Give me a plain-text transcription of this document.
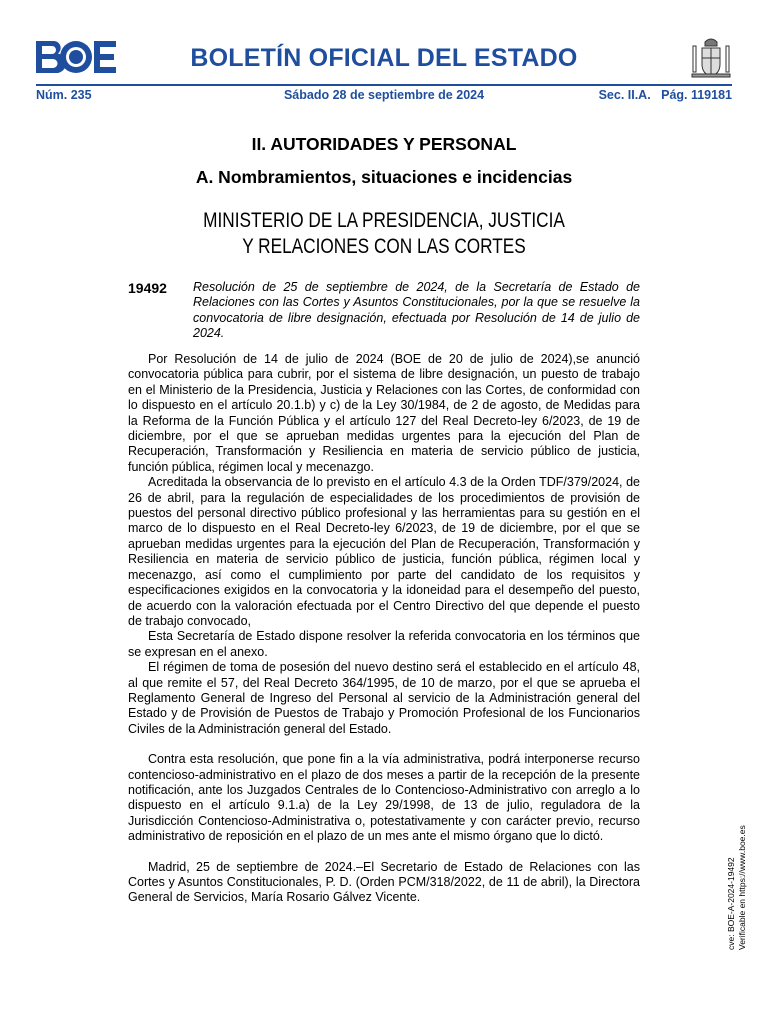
BOLETÍN OFICIAL DEL ESTADO
Núm. 235	Sábado 28 de septiembre de 2024	Sec. II.A.   Pág. 119181
II. AUTORIDADES Y PERSONAL
A. Nombramientos, situaciones e incidencias
MINISTERIO DE LA PRESIDENCIA, JUSTICIA
Y RELACIONES CON LAS CORTES
19492 Resolución de 25 de septiembre de 2024, de la Secretaría de Estado de Relaciones con las Cortes y Asuntos Constitucionales, por la que se resuelve la convocatoria de libre designación, efectuada por Resolución de 14 de julio de 2024.

Por Resolución de 14 de julio de 2024 (BOE de 20 de julio de 2024),se anunció convocatoria pública para cubrir, por el sistema de libre designación, un puesto de trabajo en el Ministerio de la Presidencia, Justicia y Relaciones con las Cortes, de conformidad con lo dispuesto en el artículo 20.1.b) y c) de la Ley 30/1984, de 2 de agosto, de Medidas para la Reforma de la Función Pública y el artículo 127 del Real Decreto-ley 6/2023, de 19 de diciembre, por el que se aprueban medidas urgentes para la ejecución del Plan de Recuperación, Transformación y Resiliencia en materia de servicio público de justicia, función pública, régimen local y mecenazgo.

Acreditada la observancia de lo previsto en el artículo 4.3 de la Orden TDF/379/2024, de 26 de abril, para la regulación de especialidades de los procedimientos de provisión de puestos del personal directivo público profesional y las herramientas para su gestión en el marco de lo dispuesto en el Real Decreto-ley 6/2023, de 19 de diciembre, por el que se aprueban medidas urgentes para la ejecución del Plan de Recuperación, Transformación y Resiliencia en materia de servicio público de justicia, función pública, régimen local y mecenazgo, así como el cumplimiento por parte del candidato de los requisitos y especificaciones exigidos en la convocatoria y la idoneidad para el desempeño del puesto, de acuerdo con la valoración efectuada por el Centro Directivo del que depende el puesto de trabajo convocado,

Esta Secretaría de Estado dispone resolver la referida convocatoria en los términos que se expresan en el anexo.

El régimen de toma de posesión del nuevo destino será el establecido en el artículo 48, al que remite el 57, del Real Decreto 364/1995, de 10 de marzo, por el que se aprueba el Reglamento General de Ingreso del Personal al servicio de la Administración general del Estado y de Provisión de Puestos de Trabajo y Promoción Profesional de los Funcionarios Civiles de la Administración general del Estado.

Contra esta resolución, que pone fin a la vía administrativa, podrá interponerse recurso contencioso-administrativo en el plazo de dos meses a partir de la recepción de la presente notificación, ante los Juzgados Centrales de lo Contencioso-Administrativo con arreglo a lo dispuesto en el artículo 9.1.a) de la Ley 29/1998, de 13 de julio, reguladora de la Jurisdicción Contencioso-Administrativa o, potestativamente y con carácter previo, recurso administrativo de reposición en el plazo de un mes ante el mismo órgano que lo dictó.

Madrid, 25 de septiembre de 2024.–El Secretario de Estado de Relaciones con las Cortes y Asuntos Constitucionales, P. D. (Orden PCM/318/2022, de 11 de abril), la Directora General de Servicios, María Rosario Gálvez Vicente.	cve: BOE-A-2024-19492 Verificable en https://www.boe.es
